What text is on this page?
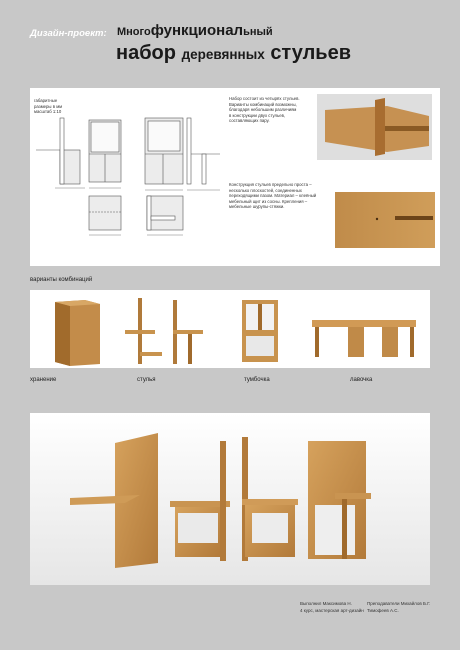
Дизайн-проект: Многофункциональный
набор деревянных стульев
габаритные
размеры в мм
масштаб 1:10
Набор состоит из четырёх стульев.
Варианты комбинаций возможны,
благодаря небольшим различиям
в конструкции двух стульев,
составляющих пару.
Конструкция стульев предельно проста –
несколько плоскостей, соединенных
переходящими пазом. Материал – клеёный
мебельный щит из сосны. Крепления –
мебельные шурупы-стяжки.
варианты комбинаций
хранение	стулья	тумбочка	лавочка
Выполнил Максимова Н.
4 курс, мастерская арт-дизайн
Преподаватели Михайлов Б.Г.
Тимофеев А.С.
